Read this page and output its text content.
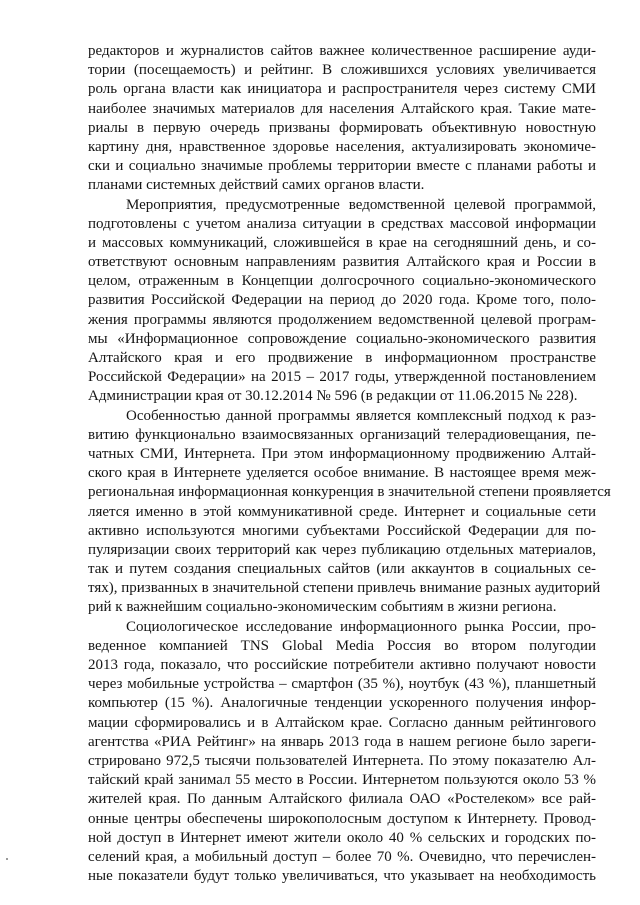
редакторов и журналистов сайтов важнее количественное расширение ауди-
тории (посещаемость) и рейтинг. В сложившихся условиях увеличивается
роль органа власти как инициатора и распространителя через систему СМИ
наиболее значимых материалов для населения Алтайского края. Такие мате-
риалы в первую очередь призваны формировать объективную новостную
картину дня, нравственное здоровье населения, актуализировать экономиче-
ски и социально значимые проблемы территории вместе с планами работы и
планами системных действий самих органов власти.
Мероприятия, предусмотренные ведомственной целевой программой,
подготовлены с учетом анализа ситуации в средствах массовой информации
и массовых коммуникаций, сложившейся в крае на сегодняшний день, и со-
ответствуют основным направлениям развития Алтайского края и России в
целом, отраженным в Концепции долгосрочного социально-экономического
развития Российской Федерации на период до 2020 года. Кроме того, поло-
жения программы являются продолжением ведомственной целевой програм-
мы «Информационное сопровождение социально-экономического развития
Алтайского края и его продвижение в информационном пространстве
Российской Федерации» на 2015 – 2017 годы, утвержденной постановлением
Администрации края от 30.12.2014 № 596 (в редакции от 11.06.2015 № 228).
Особенностью данной программы является комплексный подход к раз-
витию функционально взаимосвязанных организаций телерадиовещания, пе-
чатных СМИ, Интернета. При этом информационному продвижению Алтай-
ского края в Интернете уделяется особое внимание. В настоящее время меж-
региональная информационная конкуренция в значительной степени проявляется
ляется именно в этой коммуникативной среде. Интернет и социальные сети
активно используются многими субъектами Российской Федерации для по-
пуляризации своих территорий как через публикацию отдельных материалов,
так и путем создания специальных сайтов (или аккаунтов в социальных се-
тях), призванных в значительной степени привлечь внимание разных аудиторий
рий к важнейшим социально-экономическим событиям в жизни региона.
Социологическое исследование информационного рынка России, про-
веденное компанией TNS Global Media Россия во втором полугодии
2013 года, показало, что российские потребители активно получают новости
через мобильные устройства – смартфон (35 %), ноутбук (43 %), планшетный
компьютер (15 %). Аналогичные тенденции ускоренного получения инфор-
мации сформировались и в Алтайском крае. Согласно данным рейтингового
агентства «РИА Рейтинг» на январь 2013 года в нашем регионе было зареги-
стрировано 972,5 тысячи пользователей Интернета. По этому показателю Ал-
тайский край занимал 55 место в России. Интернетом пользуются около 53 %
жителей края. По данным Алтайского филиала ОАО «Ростелеком» все рай-
онные центры обеспечены широкополосным доступом к Интернету. Провод-
ной доступ в Интернет имеют жители около 40 % сельских и городских по-
селений края, а мобильный доступ – более 70 %. Очевидно, что перечислен-
ные показатели будут только увеличиваться, что указывает на необходимость
